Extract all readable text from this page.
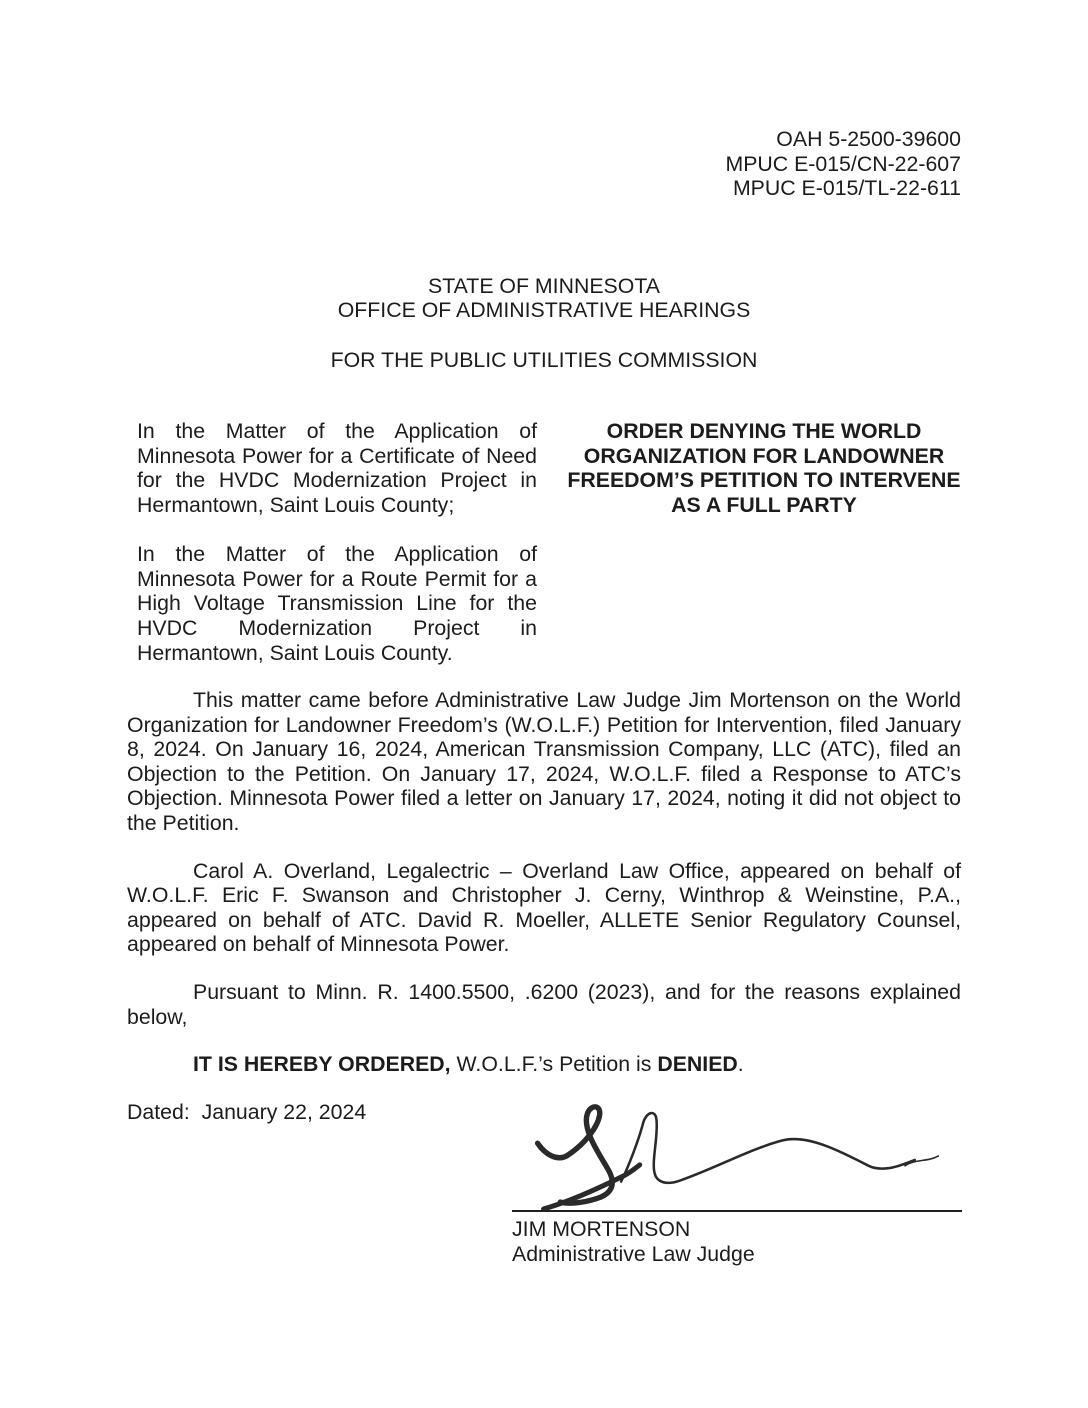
OAH 5-2500-39600
MPUC E-015/CN-22-607
MPUC E-015/TL-22-611
STATE OF MINNESOTA
OFFICE OF ADMINISTRATIVE HEARINGS
FOR THE PUBLIC UTILITIES COMMISSION

In the Matter of the Application of Minnesota Power for a Certificate of Need for the HVDC Modernization Project in Hermantown, Saint Louis County;

In the Matter of the Application of Minnesota Power for a Route Permit for a High Voltage Transmission Line for the HVDC Modernization Project in Hermantown, Saint Louis County.

ORDER DENYING THE WORLD ORGANIZATION FOR LANDOWNER FREEDOM’S PETITION TO INTERVENE AS A FULL PARTY

This matter came before Administrative Law Judge Jim Mortenson on the World Organization for Landowner Freedom’s (W.O.L.F.) Petition for Intervention, filed January 8, 2024. On January 16, 2024, American Transmission Company, LLC (ATC), filed an Objection to the Petition. On January 17, 2024, W.O.L.F. filed a Response to ATC’s Objection. Minnesota Power filed a letter on January 17, 2024, noting it did not object to the Petition.

Carol A. Overland, Legalectric – Overland Law Office, appeared on behalf of W.O.L.F. Eric F. Swanson and Christopher J. Cerny, Winthrop & Weinstine, P.A., appeared on behalf of ATC. David R. Moeller, ALLETE Senior Regulatory Counsel, appeared on behalf of Minnesota Power.

Pursuant to Minn. R. 1400.5500, .6200 (2023), and for the reasons explained below,

IT IS HEREBY ORDERED, W.O.L.F.’s Petition is DENIED.

Dated:  January 22, 2024

JIM MORTENSON
Administrative Law Judge
